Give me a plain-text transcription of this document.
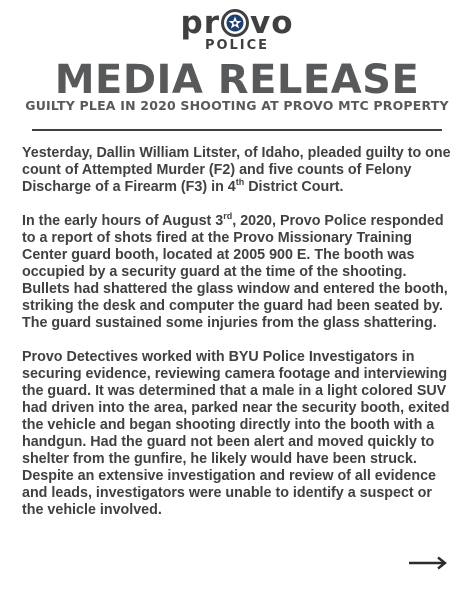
pr vo
POLICE
MEDIA RELEASE
GUILTY PLEA IN 2020 SHOOTING AT PROVO MTC PROPERTY

Yesterday, Dallin William Litster, of Idaho, pleaded guilty to one count of Attempted Murder (F2) and five counts of Felony Discharge of a Firearm (F3) in 4th District Court.

In the early hours of August 3rd, 2020, Provo Police responded to a report of shots fired at the Provo Missionary Training Center guard booth, located at 2005 900 E. The booth was occupied by a security guard at the time of the shooting. Bullets had shattered the glass window and entered the booth, striking the desk and computer the guard had been seated by. The guard sustained some injuries from the glass shattering.

Provo Detectives worked with BYU Police Investigators in securing evidence, reviewing camera footage and interviewing the guard. It was determined that a male in a light colored SUV had driven into the area, parked near the security booth, exited the vehicle and began shooting directly into the booth with a handgun. Had the guard not been alert and moved quickly to shelter from the gunfire, he likely would have been struck. Despite an extensive investigation and review of all evidence and leads, investigators were unable to identify a suspect or the vehicle involved.
